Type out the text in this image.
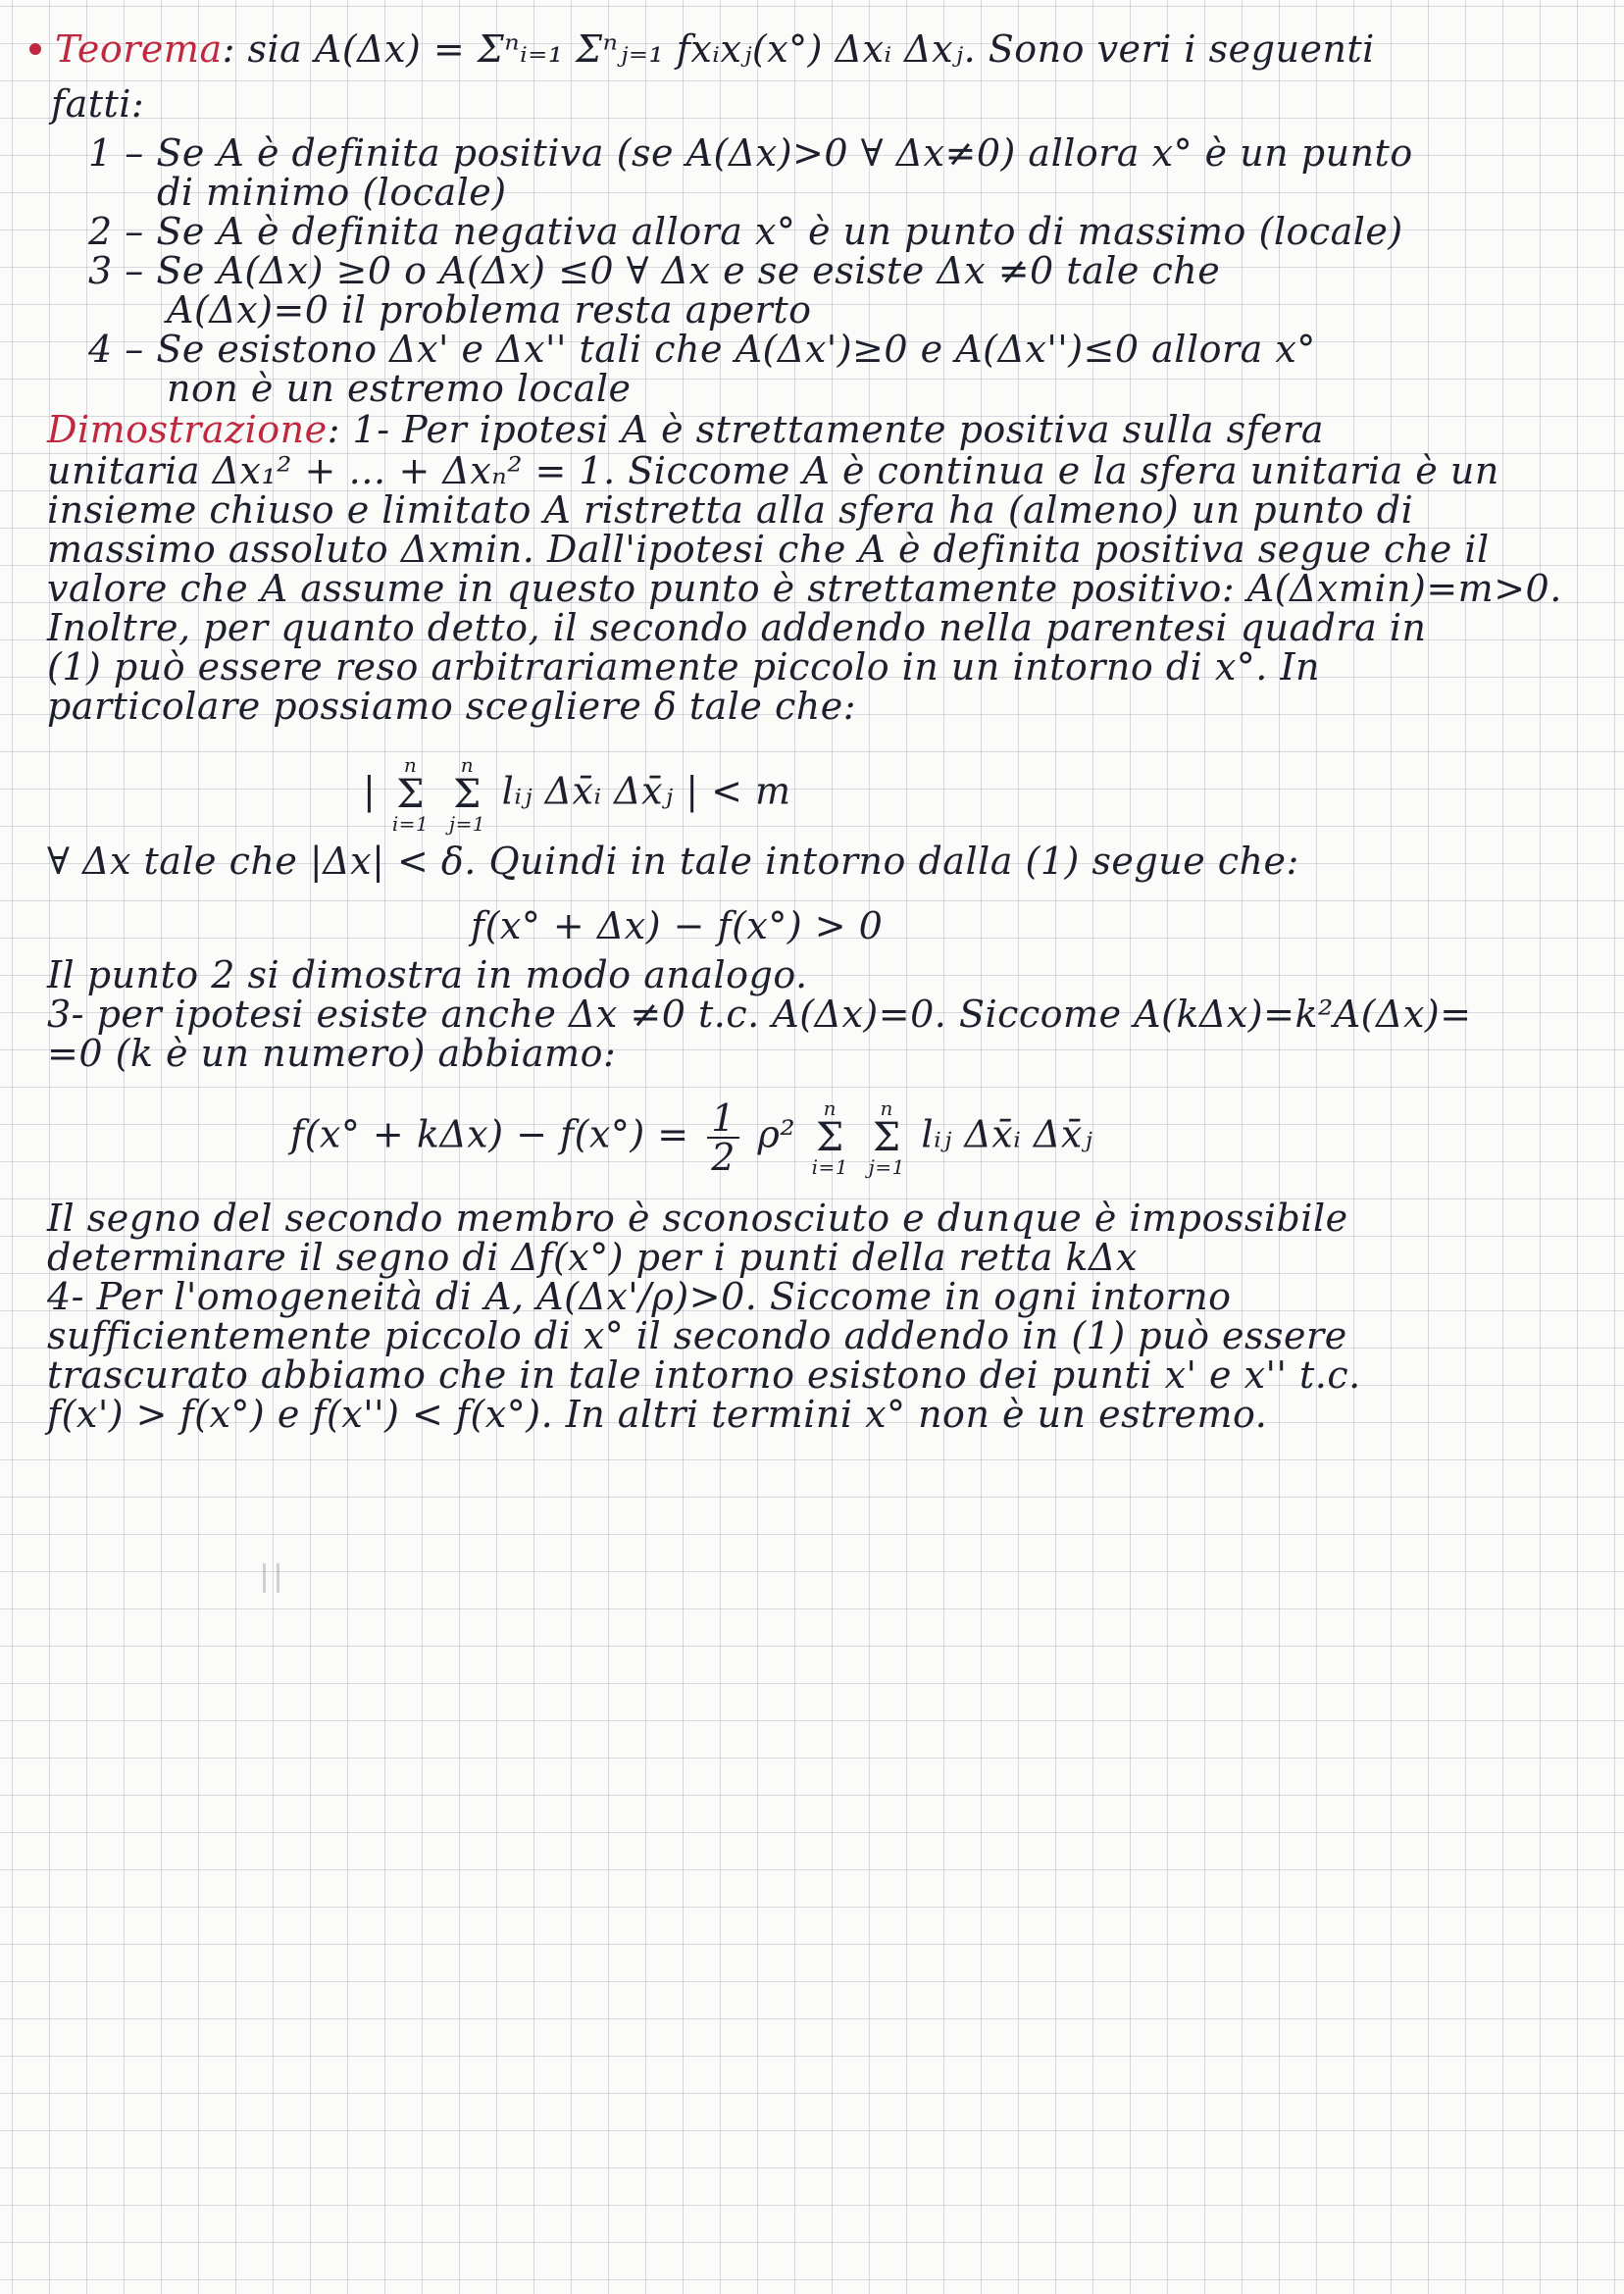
Teorema: sia A(Δx) = Σⁿᵢ₌₁ Σⁿⱼ₌₁ fxᵢxⱼ(x°) Δxᵢ Δxⱼ. Sono veri i seguenti
fatti:
1 – Se A è definita positiva (se A(Δx)>0 ∀ Δx≠0) allora x° è un punto
di minimo (locale)
2 – Se A è definita negativa allora x° è un punto di massimo (locale)
3 – Se A(Δx) ≥0 o A(Δx) ≤0 ∀ Δx e se esiste Δx ≠0 tale che
A(Δx)=0 il problema resta aperto
4 – Se esistono Δx' e Δx'' tali che A(Δx')≥0 e A(Δx'')≤0 allora x°
non è un estremo locale
Dimostrazione: 1- Per ipotesi A è strettamente positiva sulla sfera
unitaria Δx₁² + … + Δxₙ² = 1. Siccome A è continua e la sfera unitaria è un
insieme chiuso e limitato A ristretta alla sfera ha (almeno) un punto di
massimo assoluto Δxmin. Dall'ipotesi che A è definita positiva segue che il
valore che A assume in questo punto è strettamente positivo: A(Δxmin)=m>0.
Inoltre, per quanto detto, il secondo addendo nella parentesi quadra in
(1) può essere reso arbitrariamente piccolo in un intorno di x°. In
particolare possiamo scegliere δ tale che:
|
n
Σ
i=1

n
Σ
j=1
lᵢⱼ Δx̄ᵢ Δx̄ⱼ | < m
∀ Δx tale che |Δx| < δ. Quindi in tale intorno dalla (1) segue che:
f(x° + Δx) − f(x°) > 0
Il punto 2 si dimostra in modo analogo.
3- per ipotesi esiste anche Δx ≠0 t.c. A(Δx)=0. Siccome A(kΔx)=k²A(Δx)=
=0 (k è un numero) abbiamo:
$f(x^\circ + k\Delta x) - f(x^\circ) = \frac{1}{2} \rho^2$
n
Σ
i=1

n
Σ
j=1
lᵢⱼ Δx̄ᵢ Δx̄ⱼ
Il segno del secondo membro è sconosciuto e dunque è impossibile
determinare il segno di Δf(x°) per i punti della retta kΔx
4- Per l'omogeneità di A, A(Δx'/ρ)>0. Siccome in ogni intorno
sufficientemente piccolo di x° il secondo addendo in (1) può essere
trascurato abbiamo che in tale intorno esistono dei punti x' e x'' t.c.
f(x') > f(x°) e f(x'') < f(x°). In altri termini x° non è un estremo.
